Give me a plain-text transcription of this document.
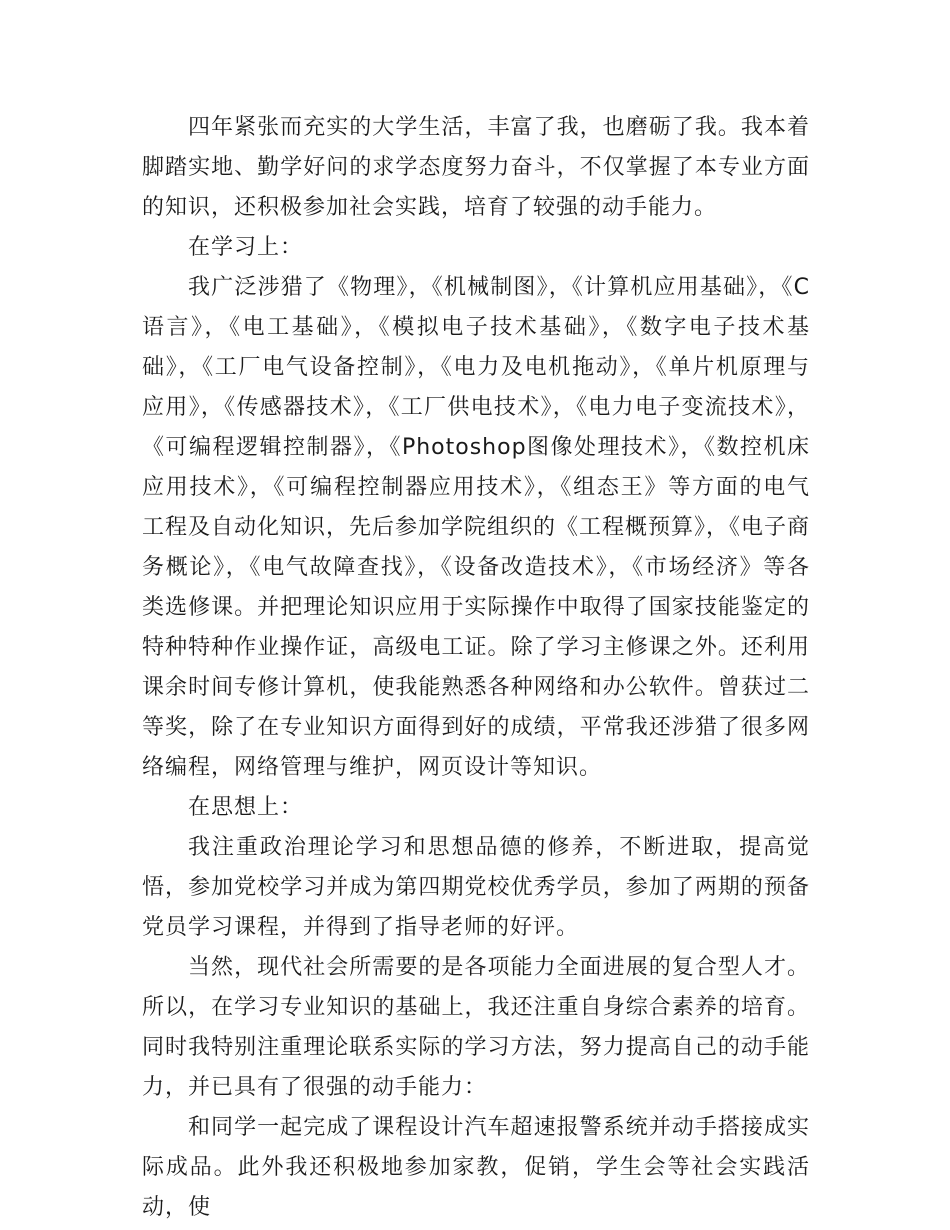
四年紧张而充实的大学生活，丰富了我，也磨砺了我。我本着脚踏实地、勤学好问的求学态度努力奋斗，不仅掌握了本专业方面的知识，还积极参加社会实践，培育了较强的动手能力。

在学习上：

我广泛涉猎了《物理》，《机械制图》，《计算机应用基础》，《C语言》，《电工基础》，《模拟电子技术基础》，《数字电子技术基础》，《工厂电气设备控制》，《电力及电机拖动》，《单片机原理与应用》，《传感器技术》，《工厂供电技术》，《电力电子变流技术》，《可编程逻辑控制器》，《Photoshop图像处理技术》，《数控机床应用技术》，《可编程控制器应用技术》，《组态王》等方面的电气工程及自动化知识，先后参加学院组织的《工程概预算》，《电子商务概论》，《电气故障查找》，《设备改造技术》，《市场经济》等各类选修课。并把理论知识应用于实际操作中取得了国家技能鉴定的特种特种作业操作证，高级电工证。除了学习主修课之外。还利用课余时间专修计算机，使我能熟悉各种网络和办公软件。曾获过二等奖，除了在专业知识方面得到好的成绩，平常我还涉猎了很多网络编程，网络管理与维护，网页设计等知识。

在思想上：

我注重政治理论学习和思想品德的修养，不断进取，提高觉悟，参加党校学习并成为第四期党校优秀学员，参加了两期的预备党员学习课程，并得到了指导老师的好评。

当然，现代社会所需要的是各项能力全面进展的复合型人才。所以，在学习专业知识的基础上，我还注重自身综合素养的培育。同时我特别注重理论联系实际的学习方法，努力提高自己的动手能力，并已具有了很强的动手能力：

和同学一起完成了课程设计汽车超速报警系统并动手搭接成实际成品。此外我还积极地参加家教，促销，学生会等社会实践活动，使
